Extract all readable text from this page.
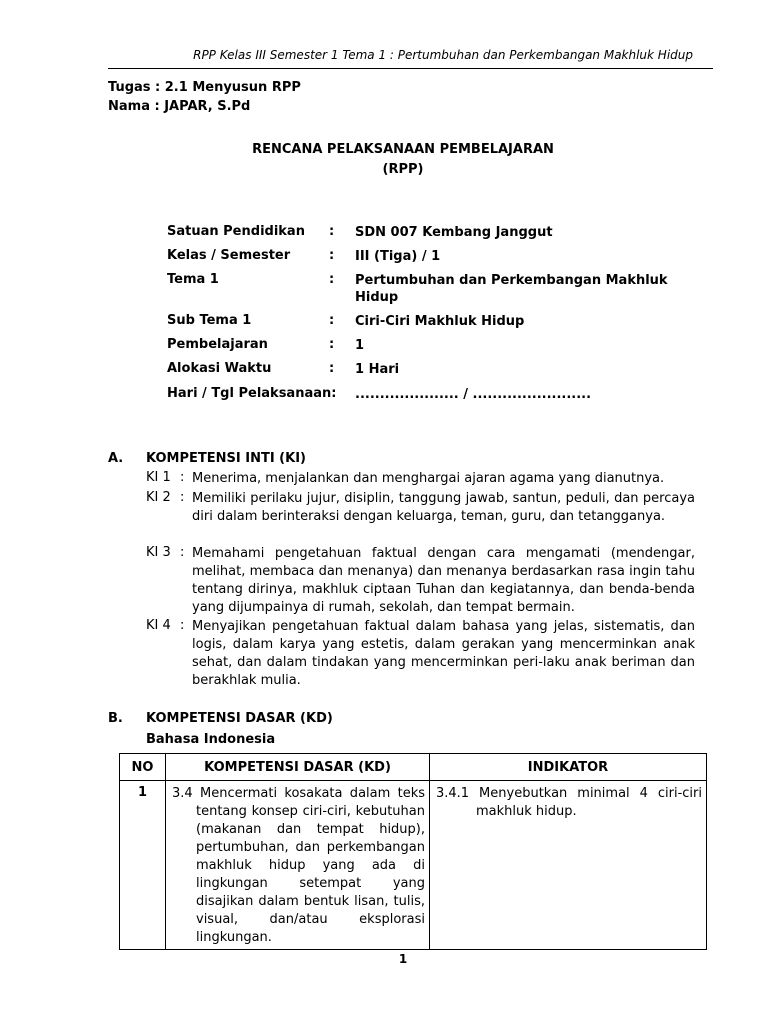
RPP Kelas III Semester 1 Tema 1 : Pertumbuhan dan Perkembangan Makhluk Hidup
Tugas : 2.1 Menyusun RPP
Nama : JAPAR, S.Pd
RENCANA PELAKSANAAN PEMBELAJARAN
(RPP)
Satuan Pendidikan : SDN 007 Kembang Janggut
Kelas / Semester	: III (Tiga) / 1
Tema 1	: Pertumbuhan dan Perkembangan Makhluk Hidup
Sub Tema 1	: Ciri-Ciri Makhluk Hidup
Pembelajaran	: 1
Alokasi Waktu	: 1 Hari
Hari / Tgl Pelaksanaan: ..................... / ........................
A. KOMPETENSI INTI (KI)
KI 1 : Menerima, menjalankan dan menghargai ajaran agama yang dianutnya.
KI 2 : Memiliki perilaku jujur, disiplin, tanggung jawab, santun, peduli, dan percaya diri dalam berinteraksi dengan keluarga, teman, guru, dan tetangganya.
KI 3 : Memahami pengetahuan faktual dengan cara mengamati (mendengar, melihat, membaca dan menanya) dan menanya berdasarkan rasa ingin tahu tentang dirinya, makhluk ciptaan Tuhan dan kegiatannya, dan benda-benda yang dijumpainya di rumah, sekolah, dan tempat bermain.
KI 4 : Menyajikan pengetahuan faktual dalam bahasa yang jelas, sistematis, dan logis, dalam karya yang estetis, dalam gerakan yang mencerminkan anak sehat, dan dalam tindakan yang mencerminkan peri-laku anak beriman dan berakhlak mulia.
B. KOMPETENSI DASAR (KD)
Bahasa Indonesia
NO	KOMPETENSI DASAR (KD)	INDIKATOR
1	3.4 Mencermati kosakata dalam teks tentang konsep ciri-ciri, kebutuhan (makanan dan tempat hidup), pertumbuhan, dan perkembangan makhluk hidup yang ada di lingkungan setempat yang disajikan dalam bentuk lisan, tulis, visual, dan/atau eksplorasi lingkungan.	3.4.1 Menyebutkan minimal 4 ciri-ciri makhluk hidup.
1
